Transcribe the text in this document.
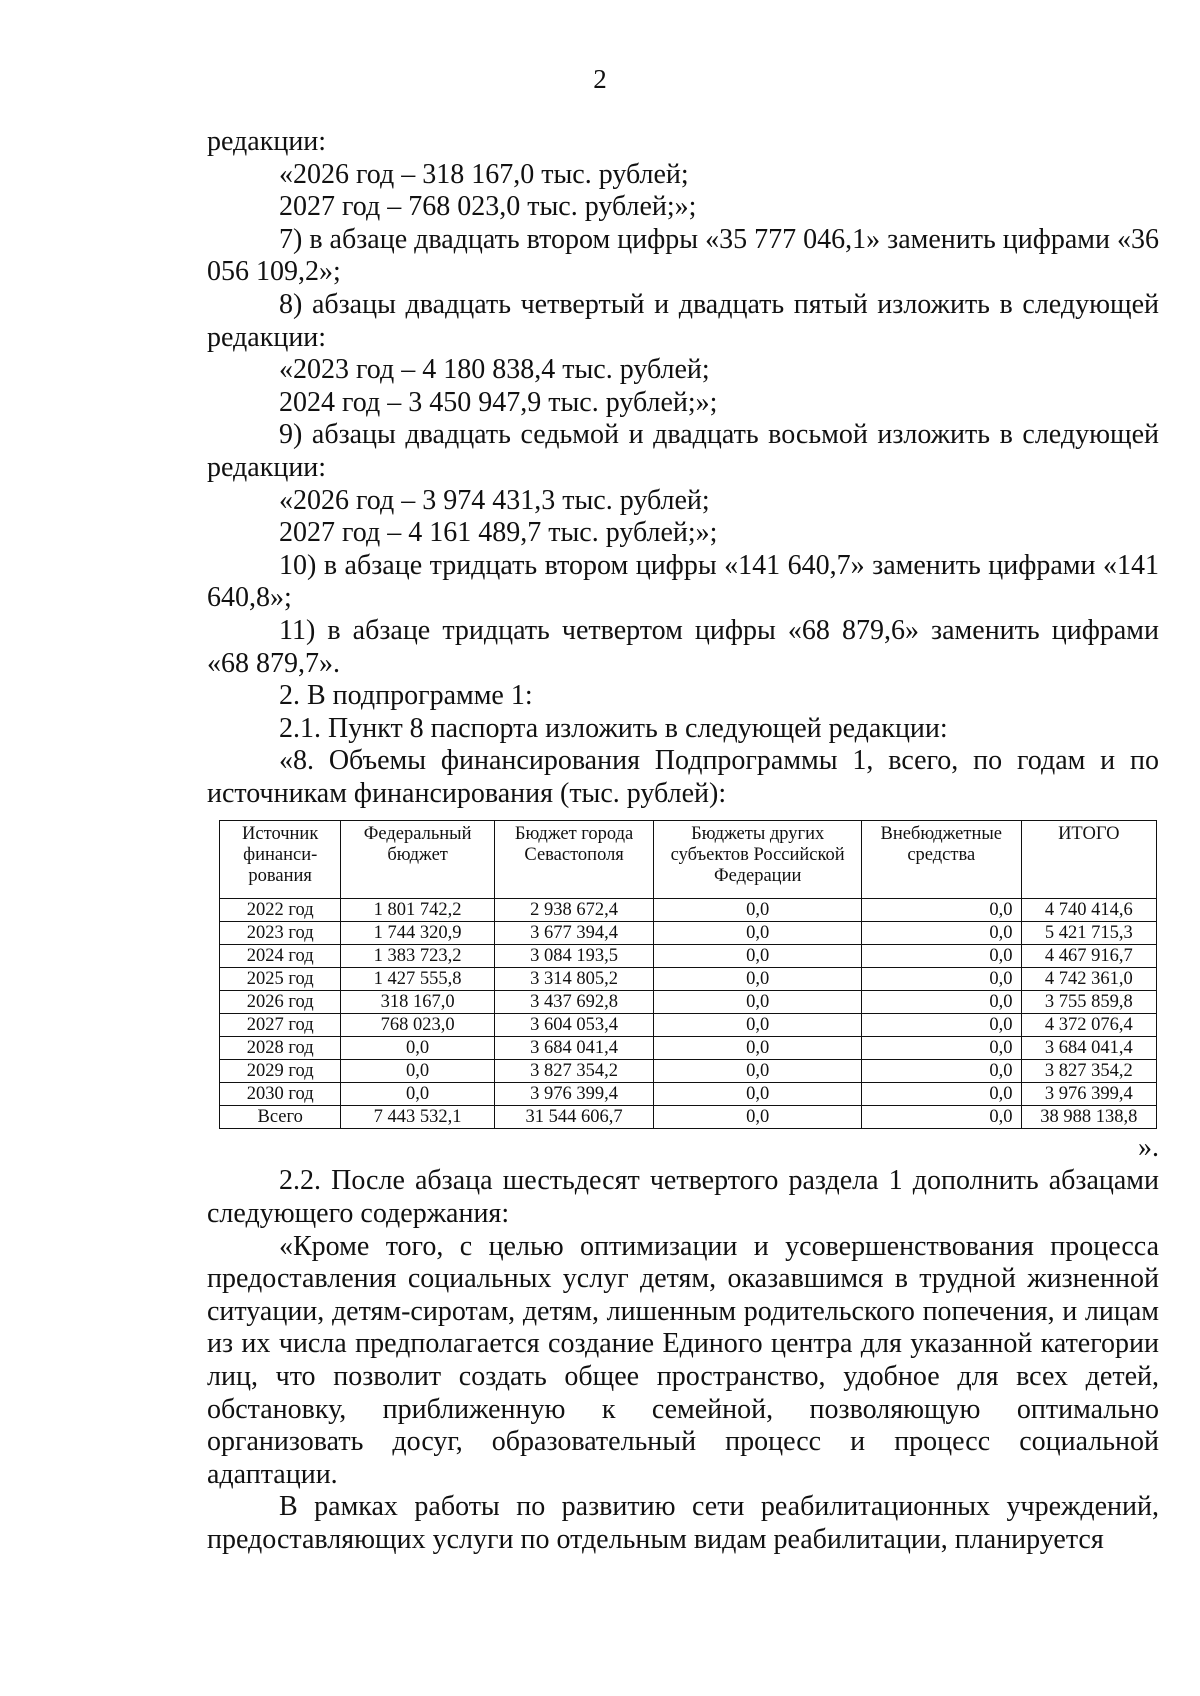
2

редакции:

«2026 год – 318 167,0 тыс. рублей;

2027 год – 768 023,0 тыс. рублей;»;

7) в абзаце двадцать втором цифры «35 777 046,1» заменить цифрами «36 056 109,2»;

8) абзацы двадцать четвертый и двадцать пятый изложить в следующей редакции:

«2023 год – 4 180 838,4 тыс. рублей;

2024 год – 3 450 947,9 тыс. рублей;»;

9) абзацы двадцать седьмой и двадцать восьмой изложить в следующей редакции:

«2026 год – 3 974 431,3 тыс. рублей;

2027 год – 4 161 489,7 тыс. рублей;»;

10) в абзаце тридцать втором цифры «141 640,7» заменить цифрами «141 640,8»;

11) в абзаце тридцать четвертом цифры «68 879,6» заменить цифрами «68 879,7».

2. В подпрограмме 1:

2.1. Пункт 8 паспорта изложить в следующей редакции:

«8. Объемы финансирования Подпрограммы 1, всего, по годам и по источникам финансирования (тыс. рублей):

Источник финанси-рования	Федеральный бюджет	Бюджет города Севастополя	Бюджеты других субъектов Российской Федерации	Внебюджетные средства	ИТОГО
2022 год	1 801 742,2	2 938 672,4	0,0	0,0	4 740 414,6
2023 год	1 744 320,9	3 677 394,4	0,0	0,0	5 421 715,3
2024 год	1 383 723,2	3 084 193,5	0,0	0,0	4 467 916,7
2025 год	1 427 555,8	3 314 805,2	0,0	0,0	4 742 361,0
2026 год	318 167,0	3 437 692,8	0,0	0,0	3 755 859,8
2027 год	768 023,0	3 604 053,4	0,0	0,0	4 372 076,4
2028 год	0,0	3 684 041,4	0,0	0,0	3 684 041,4
2029 год	0,0	3 827 354,2	0,0	0,0	3 827 354,2
2030 год	0,0	3 976 399,4	0,0	0,0	3 976 399,4
Всего	7 443 532,1	31 544 606,7	0,0	0,0	38 988 138,8

».

2.2. После абзаца шестьдесят четвертого раздела 1 дополнить абзацами следующего содержания:

«Кроме того, с целью оптимизации и усовершенствования процесса предоставления социальных услуг детям, оказавшимся в трудной жизненной ситуации, детям-сиротам, детям, лишенным родительского попечения, и лицам из их числа предполагается создание Единого центра для указанной категории лиц, что позволит создать общее пространство, удобное для всех детей, обстановку, приближенную к семейной, позволяющую оптимально организовать досуг, образовательный процесс и процесс социальной адаптации.

В рамках работы по развитию сети реабилитационных учреждений, предоставляющих услуги по отдельным видам реабилитации, планируется
